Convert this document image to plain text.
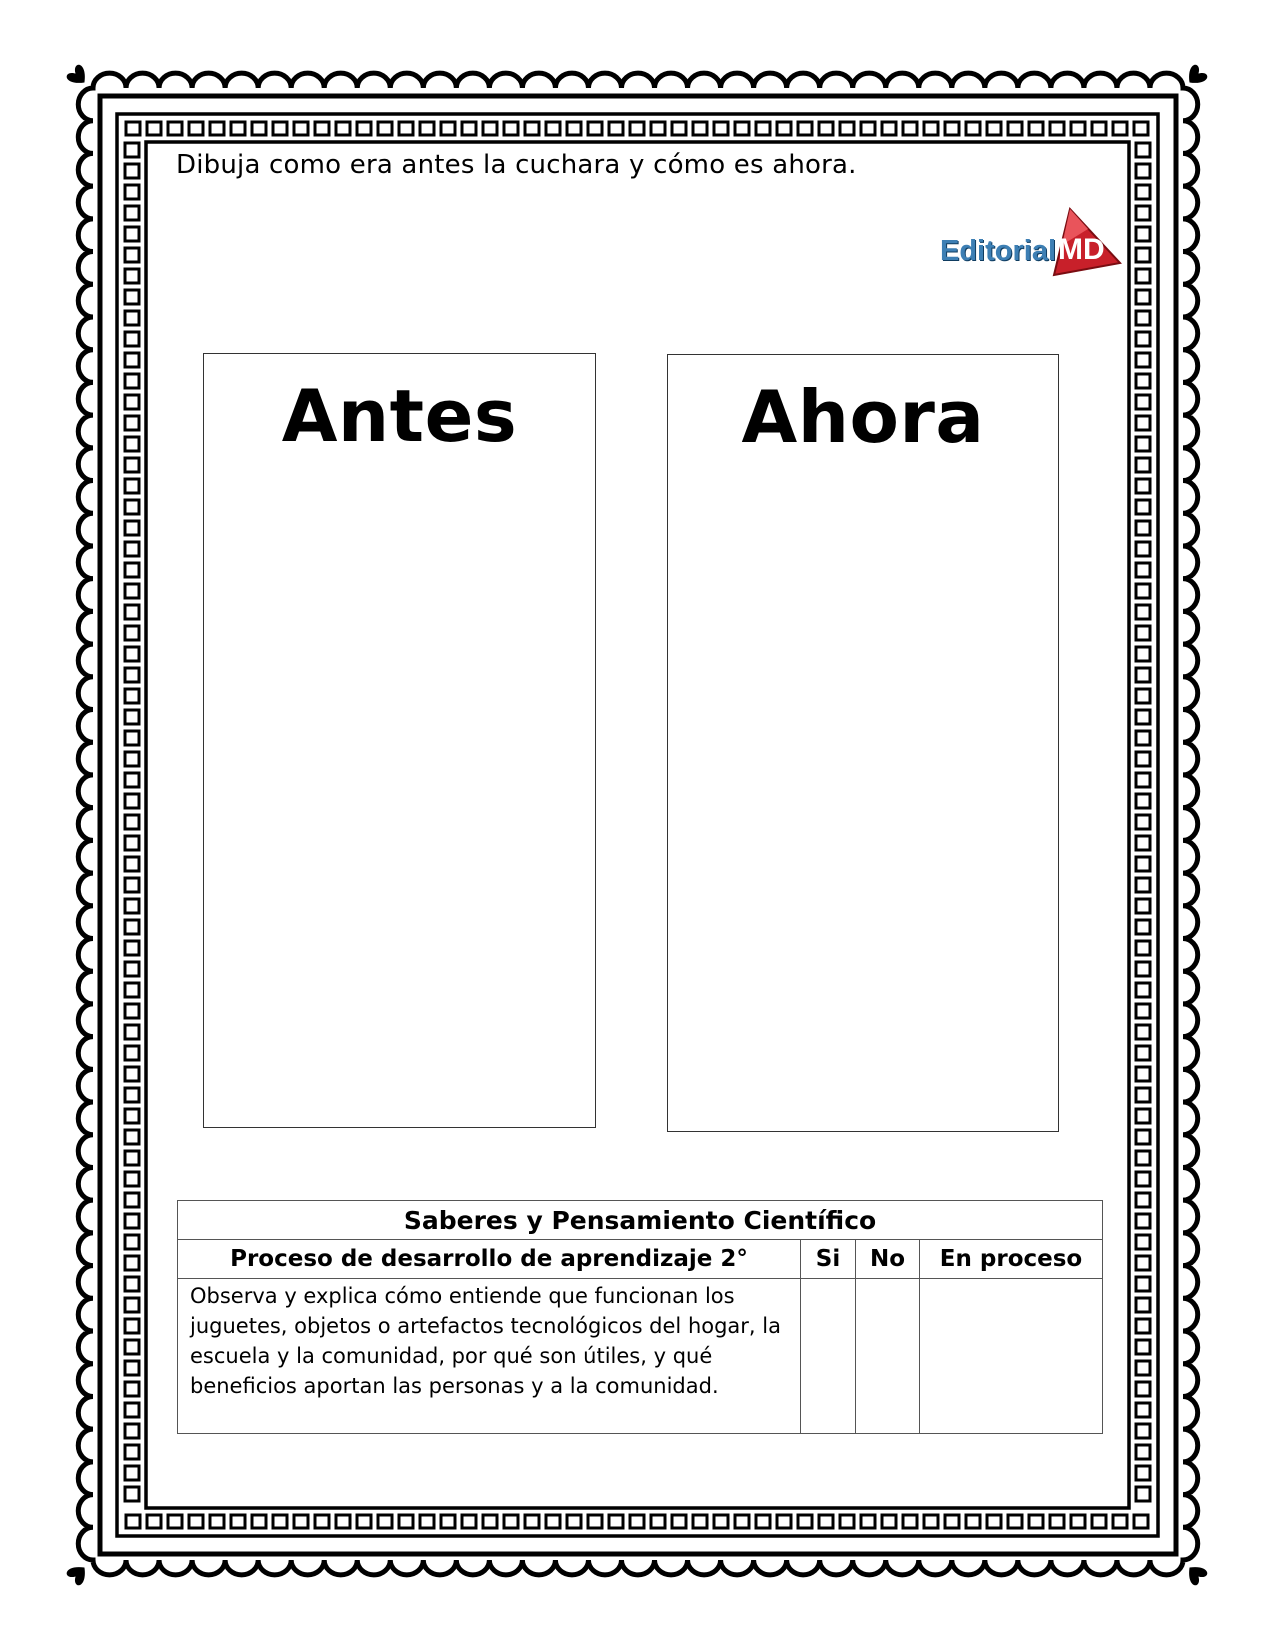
Dibuja como era antes la cuchara y cómo es ahora.
Editorial MD
Antes	Ahora
Saberes y Pensamiento Científico			
Proceso de desarrollo de aprendizaje 2°	Si	No	En proceso
Observa y explica cómo entiende que funcionan los juguetes, objetos o artefactos tecnológicos del hogar, la escuela y la comunidad, por qué son útiles, y qué beneficios aportan las personas y a la comunidad.			
